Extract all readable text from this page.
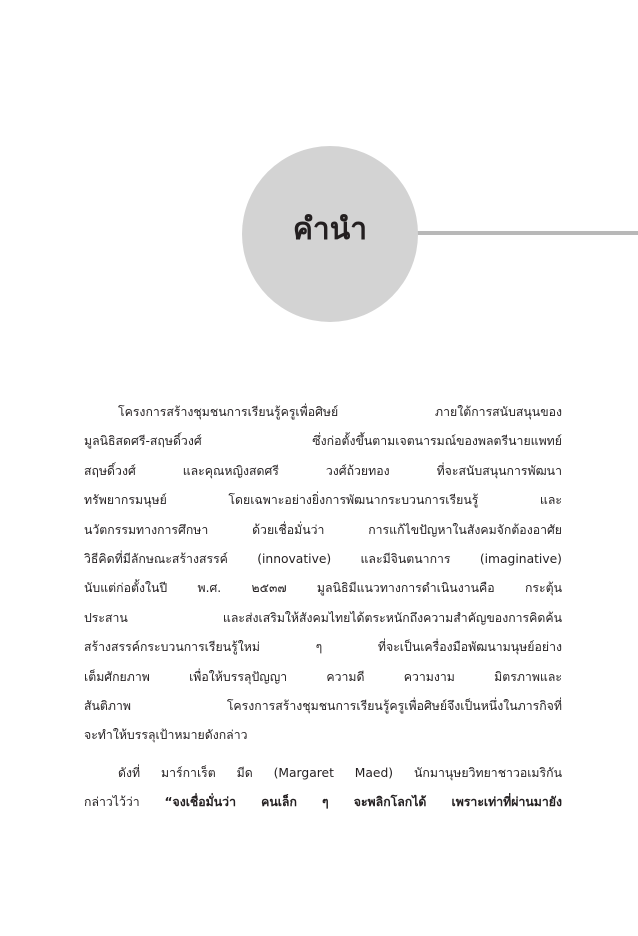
คำนำ
โครงการสร้างชุมชนการเรียนรู้ครูเพื่อศิษย์ ภายใต้การสนับสนุนของ
มูลนิธิสดศรี-สฤษดิ์วงศ์ ซึ่งก่อตั้งขึ้นตามเจตนารมณ์ของพลตรีนายแพทย์
สฤษดิ์วงศ์ และคุณหญิงสดศรี วงศ์ถ้วยทอง ที่จะสนับสนุนการพัฒนา
ทรัพยากรมนุษย์ โดยเฉพาะอย่างยิ่งการพัฒนากระบวนการเรียนรู้ และ
นวัตกรรมทางการศึกษา ด้วยเชื่อมั่นว่า การแก้ไขปัญหาในสังคมจักต้องอาศัย
วิธีคิดที่มีลักษณะสร้างสรรค์ (innovative) และมีจินตนาการ (imaginative)
นับแต่ก่อตั้งในปี พ.ศ. ๒๕๓๗ มูลนิธิมีแนวทางการดำเนินงานคือ กระตุ้น
ประสาน และส่งเสริมให้สังคมไทยได้ตระหนักถึงความสำคัญของการคิดค้น
สร้างสรรค์กระบวนการเรียนรู้ใหม่ ๆ ที่จะเป็นเครื่องมือพัฒนามนุษย์อย่าง
เต็มศักยภาพ เพื่อให้บรรลุปัญญา ความดี ความงาม มิตรภาพและ
สันติภาพ โครงการสร้างชุมชนการเรียนรู้ครูเพื่อศิษย์จึงเป็นหนึ่งในภารกิจที่
จะทำให้บรรลุเป้าหมายดังกล่าว
ดังที่ มาร์กาเร็ต มีด (Margaret Maed) นักมานุษยวิทยาชาวอเมริกัน
กล่าวไว้ว่า “จงเชื่อมั่นว่า คนเล็ก ๆ จะพลิกโลกได้ เพราะเท่าที่ผ่านมายัง
